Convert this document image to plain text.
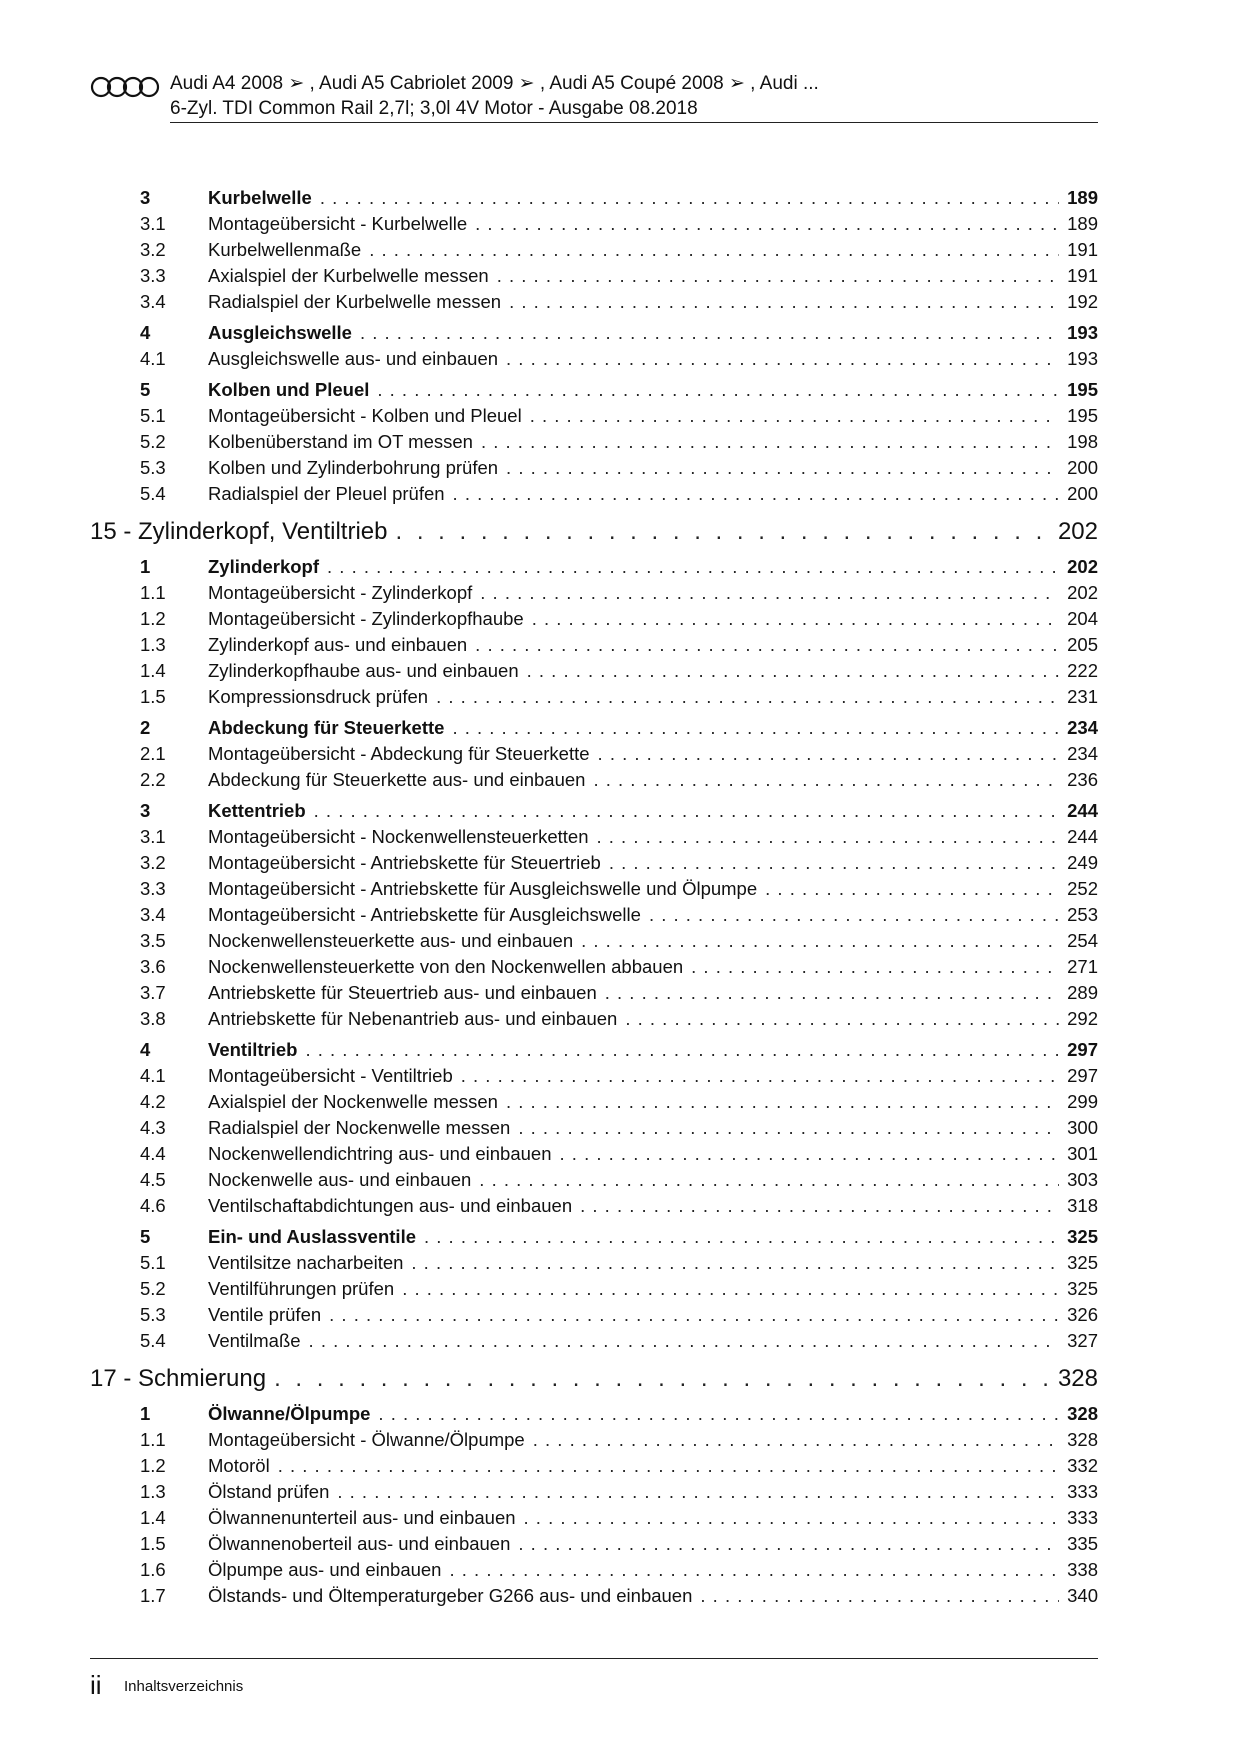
Audi A4 2008 ➢ , Audi A5 Cabriolet 2009 ➢ , Audi A5 Coupé 2008 ➢ , Audi ...
6-Zyl. TDI Common Rail 2,7l; 3,0l 4V Motor - Ausgabe 08.2018
3	Kurbelwelle . . .	189
3.1 Montageübersicht - Kurbelwelle . . .	189
3.2 Kurbelwellenmaße . . .	191
3.3 Axialspiel der Kurbelwelle messen . . .	191
3.4 Radialspiel der Kurbelwelle messen . . .	192
4	Ausgleichswelle . . .	193
4.1 Ausgleichswelle aus- und einbauen . . .	193
5	Kolben und Pleuel . . .	195
5.1 Montageübersicht - Kolben und Pleuel . . .	195
5.2 Kolbenüberstand im OT messen . . .	198
5.3 Kolben und Zylinderbohrung prüfen . . .	200
5.4 Radialspiel der Pleuel prüfen . . .	200
15 - Zylinderkopf, Ventiltrieb . . .	202
1	Zylinderkopf . . .	202
1.1 Montageübersicht - Zylinderkopf . . .	202
1.2 Montageübersicht - Zylinderkopfhaube . . .	204
1.3 Zylinderkopf aus- und einbauen . . .	205
1.4 Zylinderkopfhaube aus- und einbauen . . .	222
1.5 Kompressionsdruck prüfen . . .	231
2	Abdeckung für Steuerkette . . .	234
2.1 Montageübersicht - Abdeckung für Steuerkette . . .	234
2.2 Abdeckung für Steuerkette aus- und einbauen . . .	236
3	Kettentrieb . . .	244
3.1 Montageübersicht - Nockenwellensteuerketten . . .	244
3.2 Montageübersicht - Antriebskette für Steuertrieb . . .	249
3.3 Montageübersicht - Antriebskette für Ausgleichswelle und Ölpumpe . . .	252
3.4 Montageübersicht - Antriebskette für Ausgleichswelle . . .	253
3.5 Nockenwellensteuerkette aus- und einbauen . . .	254
3.6 Nockenwellensteuerkette von den Nockenwellen abbauen . . .	271
3.7 Antriebskette für Steuertrieb aus- und einbauen . . .	289
3.8 Antriebskette für Nebenantrieb aus- und einbauen . . .	292
4	Ventiltrieb . . .	297
4.1 Montageübersicht - Ventiltrieb . . .	297
4.2 Axialspiel der Nockenwelle messen . . .	299
4.3 Radialspiel der Nockenwelle messen . . .	300
4.4 Nockenwellendichtring aus- und einbauen . . .	301
4.5 Nockenwelle aus- und einbauen . . .	303
4.6 Ventilschaftabdichtungen aus- und einbauen . . .	318
5	Ein- und Auslassventile . . .	325
5.1 Ventilsitze nacharbeiten . . .	325
5.2 Ventilführungen prüfen . . .	325
5.3 Ventile prüfen . . .	326
5.4 Ventilmaße . . .	327
17 - Schmierung . . .	328
1	Ölwanne/Ölpumpe . . .	328
1.1 Montageübersicht - Ölwanne/Ölpumpe . . .	328
1.2 Motoröl . . .	332
1.3 Ölstand prüfen . . .	333
1.4 Ölwannenunterteil aus- und einbauen . . .	333
1.5 Ölwannenoberteil aus- und einbauen . . .	335
1.6 Ölpumpe aus- und einbauen . . .	338
1.7 Ölstands- und Öltemperaturgeber G266 aus- und einbauen . . .	340
ii Inhaltsverzeichnis
